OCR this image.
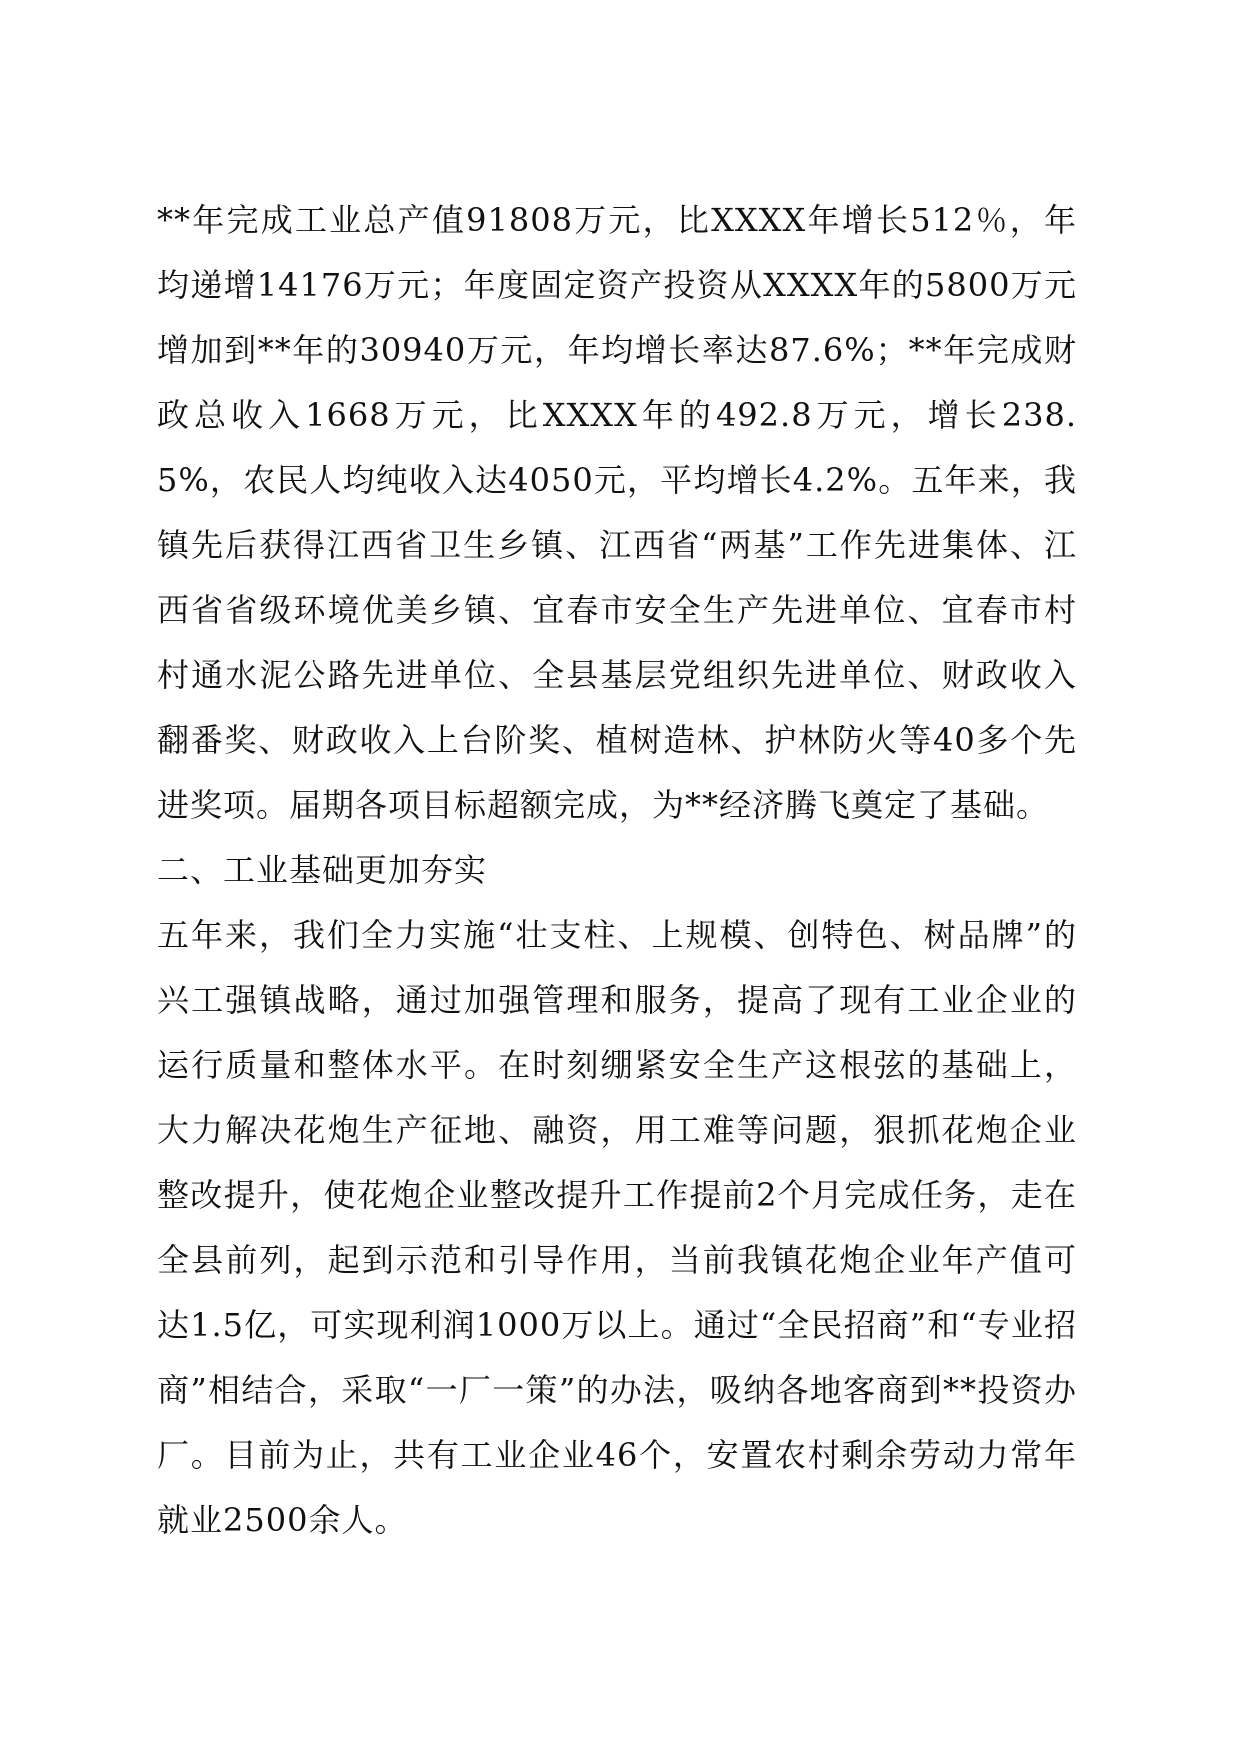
**年完成工业总产值91808万元，比XXXX年增长512％，年均递增14176万元；年度固定资产投资从XXXX年的5800万元增加到**年的30940万元，年均增长率达87.6%；**年完成财政总收入1668万元，比XXXX年的492.8万元，增长238.5%，农民人均纯收入达4050元，平均增长4.2%。五年来，我镇先后获得江西省卫生乡镇、江西省“两基”工作先进集体、江西省省级环境优美乡镇、宜春市安全生产先进单位、宜春市村村通水泥公路先进单位、全县基层党组织先进单位、财政收入翻番奖、财政收入上台阶奖、植树造林、护林防火等40多个先进奖项。届期各项目标超额完成，为**经济腾飞奠定了基础。

二、工业基础更加夯实

五年来，我们全力实施“壮支柱、上规模、创特色、树品牌”的兴工强镇战略，通过加强管理和服务，提高了现有工业企业的运行质量和整体水平。在时刻绷紧安全生产这根弦的基础上，大力解决花炮生产征地、融资，用工难等问题，狠抓花炮企业整改提升，使花炮企业整改提升工作提前2个月完成任务，走在全县前列，起到示范和引导作用，当前我镇花炮企业年产值可达1.5亿，可实现利润1000万以上。通过“全民招商”和“专业招商”相结合，采取“一厂一策”的办法，吸纳各地客商到**投资办厂。目前为止，共有工业企业46个，安置农村剩余劳动力常年就业2500余人。
